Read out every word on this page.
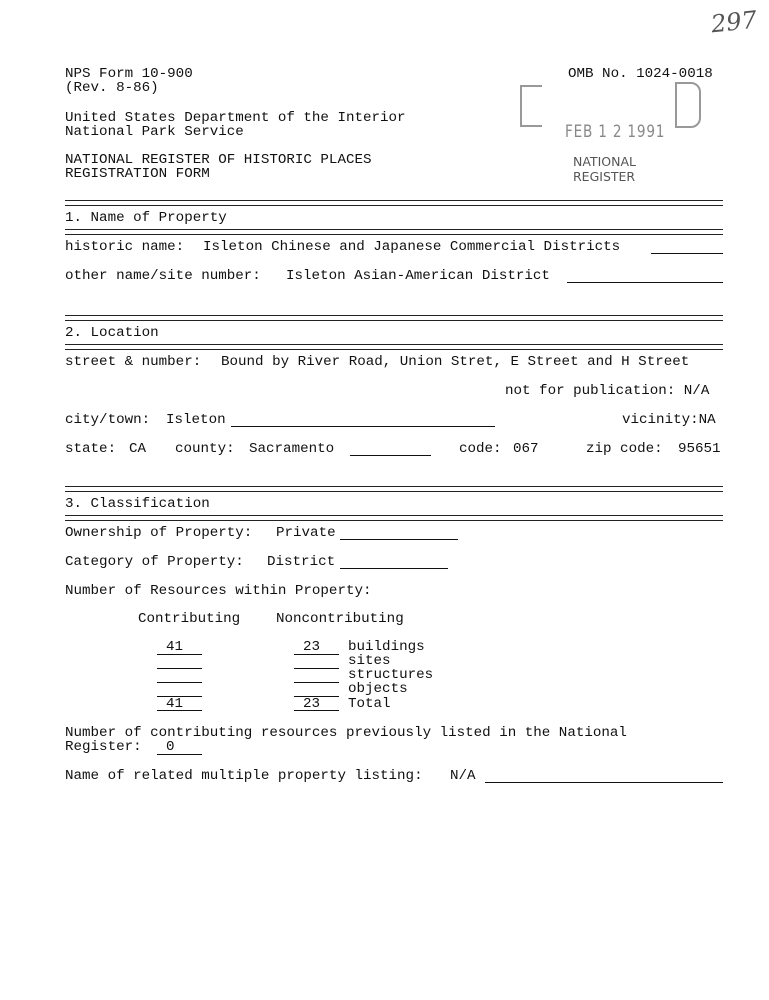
297
NPS Form 10-900
(Rev. 8-86)
OMB No. 1024-0018
United States Department of the Interior
National Park Service
NATIONAL REGISTER OF HISTORIC PLACES
REGISTRATION FORM
FEB 1 2 1991
NATIONAL
REGISTER
1. Name of Property
historic name: Isleton Chinese and Japanese Commercial Districts
other name/site number: Isleton Asian-American District
2. Location
street & number: Bound by River Road, Union Stret, E Street and H Street
not for publication: N/A
city/town: Isleton	vicinity:NA
state: CA county: Sacramento	code: 067	zip code: 95651
3. Classification
Ownership of Property: Private
Category of Property: District
Number of Resources within Property:
Contributing	Noncontributing
41	23 buildings
sites
structures
objects
41	23 Total
Number of contributing resources previously listed in the National
Register: 0
Name of related multiple property listing: N/A
